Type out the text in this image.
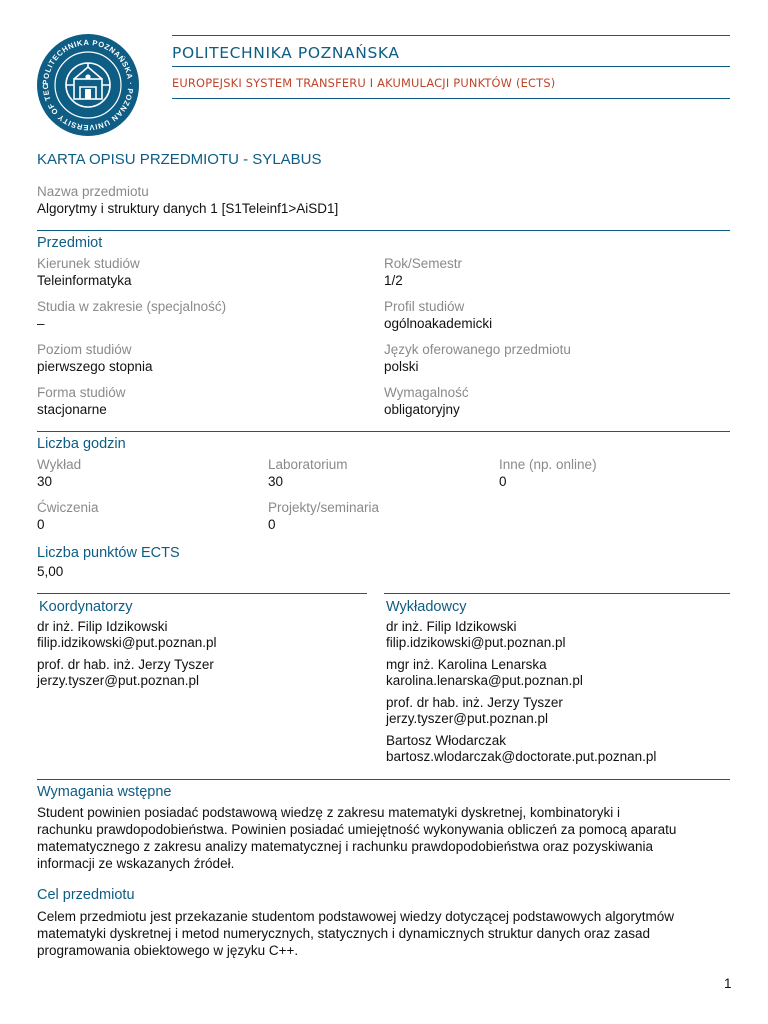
POLITECHNIKA POZNAŃSKA · POZNAN UNIVERSITY OF TEC
POLITECHNIKA POZNAŃSKA
EUROPEJSKI SYSTEM TRANSFERU I AKUMULACJI PUNKTÓW (ECTS)
KARTA OPISU PRZEDMIOTU - SYLABUS
Nazwa przedmiotu
Algorytmy i struktury danych 1 [S1Teleinf1>AiSD1]
Przedmiot
Kierunek studiów
Teleinformatyka
Rok/Semestr
1/2
Studia w zakresie (specjalność)
–
Profil studiów
ogólnoakademicki
Poziom studiów
pierwszego stopnia
Język oferowanego przedmiotu
polski
Forma studiów
stacjonarne
Wymagalność
obligatoryjny
Liczba godzin
Wykład
30
Laboratorium
30
Inne (np. online)
0
Ćwiczenia
0
Projekty/seminaria
0
Liczba punktów ECTS
5,00
Koordynatorzy
dr inż. Filip Idzikowski
filip.idzikowski@put.poznan.pl
prof. dr hab. inż. Jerzy Tyszer
jerzy.tyszer@put.poznan.pl
Wykładowcy
dr inż. Filip Idzikowski
filip.idzikowski@put.poznan.pl
mgr inż. Karolina Lenarska
karolina.lenarska@put.poznan.pl
prof. dr hab. inż. Jerzy Tyszer
jerzy.tyszer@put.poznan.pl
Bartosz Włodarczak
bartosz.wlodarczak@doctorate.put.poznan.pl
Wymagania wstępne
Student powinien posiadać podstawową wiedzę z zakresu matematyki dyskretnej, kombinatoryki i
rachunku prawdopodobieństwa. Powinien posiadać umiejętność wykonywania obliczeń za pomocą aparatu
matematycznego z zakresu analizy matematycznej i rachunku prawdopodobieństwa oraz pozyskiwania
informacji ze wskazanych źródeł.
Cel przedmiotu
Celem przedmiotu jest przekazanie studentom podstawowej wiedzy dotyczącej podstawowych algorytmów
matematyki dyskretnej i metod numerycznych, statycznych i dynamicznych struktur danych oraz zasad
programowania obiektowego w języku C++.
1
